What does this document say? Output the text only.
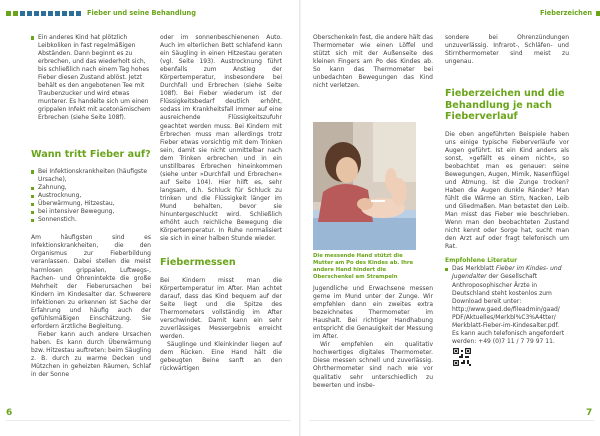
Fieber und seine Behandlung	Fieberzeichen
Ein anderes Kind hat plötzlich Leibkoliken in fast regelmäßigen Abständen. Dann beginnt es zu erbrechen, und das wiederholt sich, bis schließlich nach einem Tag hohes Fieber diesen Zustand ablöst. Jetzt behält es den angebotenen Tee mit Traubenzucker und wird etwas munterer. Es handelte sich um einen grippalen Infekt mit acetonämischem Erbrechen (siehe Seite 108f).
Wann tritt Fieber auf?
Bei Infektionskrankheiten (häufigste Ursache),
Zahnung,
Austrocknung,
Überwärmung, Hitzestau,
bei intensiver Bewegung,
Sonnenstich.

Am häufigsten sind es Infektionskrankheiten, die den Organismus zur Fieberbildung veranlassen. Dabei stellen die meist harmlosen grippalen, Luftwegs-, Rachen- und Ohrenintekte die große Mehrheit der Fieberursachen bei Kindern im Kindesalter dar. Schwerere Infektionen zu erkennen ist Sache der Erfahrung und häufig auch der gefühlsmäßigen Einschätzung. Sie erfordern ärztliche Begleitung.

Fieber kann auch andere Ursachen haben. Es kann durch Überwärmung bzw. Hitzestau auftreten: beim Säugling z. B. durch zu warme Decken und Mützchen in geheizten Räumen, Schlaf in der Sonne

oder im sonnenbeschienenen Auto. Auch im elterlichen Bett schlafend kann ein Säugling in einen Hitzestau geraten (vgl. Seite 193). Austrocknung führt ebenfalls zum Anstieg der Körpertemperatur, insbesondere bei Durchfall und Erbrechen (siehe Seite 108f). Bei Fieber wiederum ist der Flüssigkeitsbedarf deutlich erhöht, sodass im Krankheitsfall immer auf eine ausreichende Flüssigkeitszufuhr geachtet werden muss. Bei Kindern mit Erbrechen muss man allerdings trotz Fieber etwas vorsichtig mit dem Trinken sein, damit sie nicht unmittelbar nach dem Trinken erbrechen und in ein unstillbares Erbrechen hineinkommen (siehe unter »Durchfall und Erbrechen« auf Seite 104). Hier hilft es, sehr langsam, d.h. Schluck für Schluck zu trinken und die Flüssigkeit länger im Mund behalten, bevor sie hinuntergeschluckt wird. Schließlich erhöht auch reichliche Bewegung die Körpertemperatur. In Ruhe normalisiert sie sich in einer halben Stunde wieder.

Fiebermessen

Bei Kindern misst man die Körpertemperatur im After. Man achtet darauf, dass das Kind bequem auf der Seite liegt und die Spitze des Thermometers vollständig im After verschwindet. Damit kann ein sehr zuverlässiges Messergebnis erreicht werden.

Säuglinge und Kleinkinder liegen auf dem Rücken. Eine Hand hält die gebeugten Beine sanft an den rückwärtigen

Oberschenkeln fest, die andere hält das Thermometer wie einen Löffel und stützt sich mit der Außenseite des kleinen Fingers am Po des Kindes ab. So kann das Thermometer bei unbedachten Bewegungen das Kind nicht verletzen.

Die messende Hand stützt die Mutter am Po des Kindes ab. Ihre andere Hand hindert die Oberschenkel am Strampeln

Jugendliche und Erwachsene messen gerne im Mund unter der Zunge. Wir empfehlen dann ein zweites extra bezeichnetes Thermometer im Haushalt. Bei richtiger Handhabung entspricht die Genauigkeit der Messung im After.

Wir empfehlen ein qualitativ hochwertiges digitales Thermometer. Diese messen schnell und zuverlässig. Ohrthermometer sind nach wie vor qualitativ sehr unterschiedlich zu bewerten und insbe-

sondere bei Ohrenzündungen unzuverlässig. Infrarot-, Schläfen- und Stirnthermometer sind meist zu ungenau.

Fieberzeichen und die Behandlung je nach Fieberverlauf

Die oben angeführten Beispiele haben uns einige typische Fieberverläufe vor Augen geführt. Ist ein Kind anders als sonst, »gefällt es einem nicht«, so beobachtet man es genauer: seine Bewegungen, Augen, Mimik, Nasenflügel und Atmung. Ist die Zunge trocken? Haben die Augen dunkle Ränder? Man fühlt die Wärme an Stirn, Nacken, Leib und Gliedmaßen. Man betastet den Leib. Man misst das Fieber wie beschrieben. Wenn man den beobachteten Zustand nicht kennt oder Sorge hat, sucht man den Arzt auf oder fragt telefonisch um Rat.

Empfohlene Literatur
Das Merkblatt Fieber im Kindes- und Jugendalter der Gesellschaft Anthroposophischer Ärzte in Deutschland steht kostenlos zum Download bereit unter:
http://www.gaed.de/fileadmin/gaad/
PDF/Aktuelles/Merkbl%C3%A4tter/
Merkblatt-Fieber-im-Kindesalter.pdf.
Es kann auch telefonisch angefordert werden: +49 (0)7 11 / 7 79 97 11.
6	7
